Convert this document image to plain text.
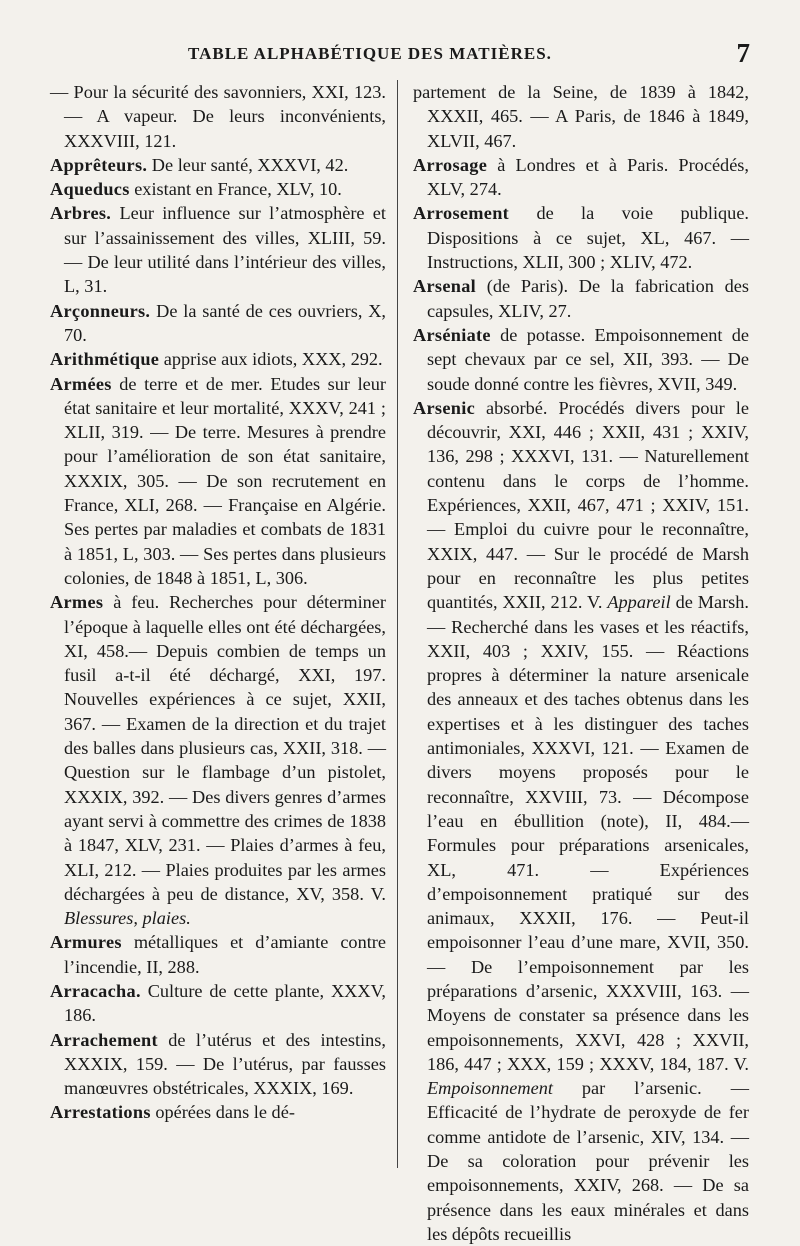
TABLE ALPHABÉTIQUE DES MATIÈRES.	7

— Pour la sécurité des savonniers, XXI, 123. — A vapeur. De leurs inconvénients, XXXVIII, 121.

Apprêteurs. De leur santé, XXXVI, 42.

Aqueducs existant en France, XLV, 10.

Arbres. Leur influence sur l’atmosphère et sur l’assainissement des villes, XLIII, 59. — De leur utilité dans l’intérieur des villes, L, 31.

Arçonneurs. De la santé de ces ouvriers, X, 70.

Arithmétique apprise aux idiots, XXX, 292.

Armées de terre et de mer. Etudes sur leur état sanitaire et leur mortalité, XXXV, 241 ; XLII, 319. — De terre. Mesures à prendre pour l’amélioration de son état sanitaire, XXXIX, 305. — De son recrutement en France, XLI, 268. — Française en Algérie. Ses pertes par maladies et combats de 1831 à 1851, L, 303. — Ses pertes dans plusieurs colonies, de 1848 à 1851, L, 306.

Armes à feu. Recherches pour déterminer l’époque à laquelle elles ont été déchargées, XI, 458.— Depuis combien de temps un fusil a-t-il été déchargé, XXI, 197. Nouvelles expériences à ce sujet, XXII, 367. — Examen de la direction et du trajet des balles dans plusieurs cas, XXII, 318. — Question sur le flambage d’un pistolet, XXXIX, 392. — Des divers genres d’armes ayant servi à commettre des crimes de 1838 à 1847, XLV, 231. — Plaies d’armes à feu, XLI, 212. — Plaies produites par les armes déchargées à peu de distance, XV, 358. V. Blessures, plaies.

Armures métalliques et d’amiante contre l’incendie, II, 288.

Arracacha. Culture de cette plante, XXXV, 186.

Arrachement de l’utérus et des intestins, XXXIX, 159. — De l’utérus, par fausses manœuvres obstétricales, XXXIX, 169.

Arrestations opérées dans le dé-

partement de la Seine, de 1839 à 1842, XXXII, 465. — A Paris, de 1846 à 1849, XLVII, 467.

Arrosage à Londres et à Paris. Procédés, XLV, 274.

Arrosement de la voie publique. Dispositions à ce sujet, XL, 467. — Instructions, XLII, 300 ; XLIV, 472.

Arsenal (de Paris). De la fabrication des capsules, XLIV, 27.

Arséniate de potasse. Empoisonnement de sept chevaux par ce sel, XII, 393. — De soude donné contre les fièvres, XVII, 349.

Arsenic absorbé. Procédés divers pour le découvrir, XXI, 446 ; XXII, 431 ; XXIV, 136, 298 ; XXXVI, 131. — Naturellement contenu dans le corps de l’homme. Expériences, XXII, 467, 471 ; XXIV, 151. — Emploi du cuivre pour le reconnaître, XXIX, 447. — Sur le procédé de Marsh pour en reconnaître les plus petites quantités, XXII, 212. V. Appareil de Marsh. — Recherché dans les vases et les réactifs, XXII, 403 ; XXIV, 155. — Réactions propres à déterminer la nature arsenicale des anneaux et des taches obtenus dans les expertises et à les distinguer des taches antimoniales, XXXVI, 121. — Examen de divers moyens proposés pour le reconnaître, XXVIII, 73. — Décompose l’eau en ébullition (note), II, 484.—Formules pour préparations arsenicales, XL, 471. — Expériences d’empoisonnement pratiqué sur des animaux, XXXII, 176. — Peut-il empoisonner l’eau d’une mare, XVII, 350. — De l’empoisonnement par les préparations d’arsenic, XXXVIII, 163. — Moyens de constater sa présence dans les empoisonnements, XXVI, 428 ; XXVII, 186, 447 ; XXX, 159 ; XXXV, 184, 187. V. Empoisonnement par l’arsenic. — Efficacité de l’hydrate de peroxyde de fer comme antidote de l’arsenic, XIV, 134. — De sa coloration pour prévenir les empoisonnements, XXIV, 268. — De sa présence dans les eaux minérales et dans les dépôts recueillis
